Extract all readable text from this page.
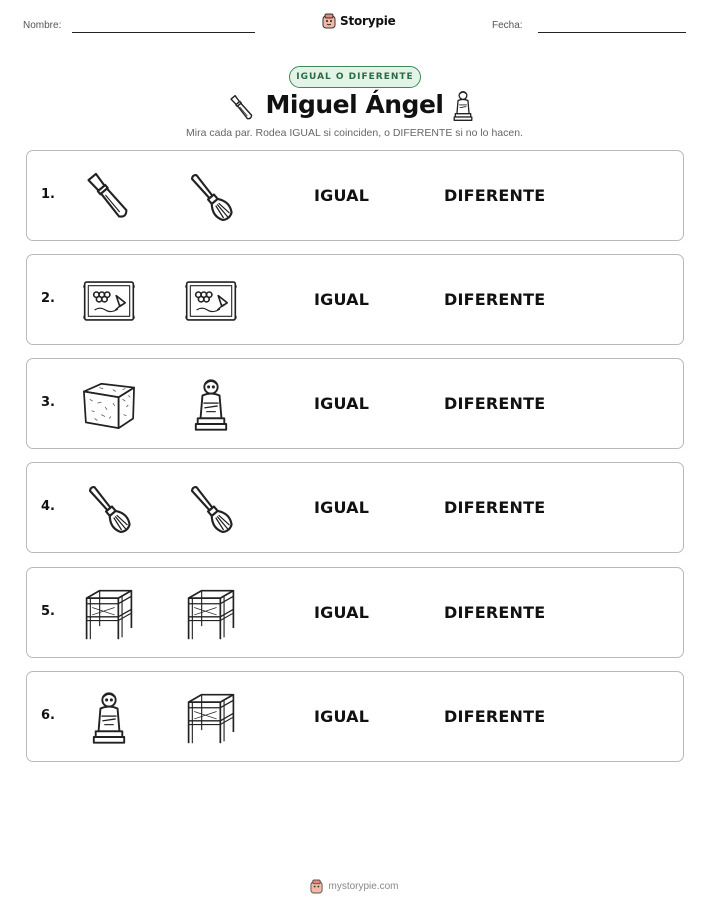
Nombre:	Storypie	Fecha:
IGUAL O DIFERENTE
Miguel Ángel
Mira cada par. Rodea IGUAL si coinciden, o DIFERENTE si no lo hacen.
1.	IGUAL	DIFERENTE
2.	IGUAL	DIFERENTE
3.	IGUAL	DIFERENTE
4.	IGUAL	DIFERENTE
5.	IGUAL	DIFERENTE
6.	IGUAL	DIFERENTE
mystorypie.com
